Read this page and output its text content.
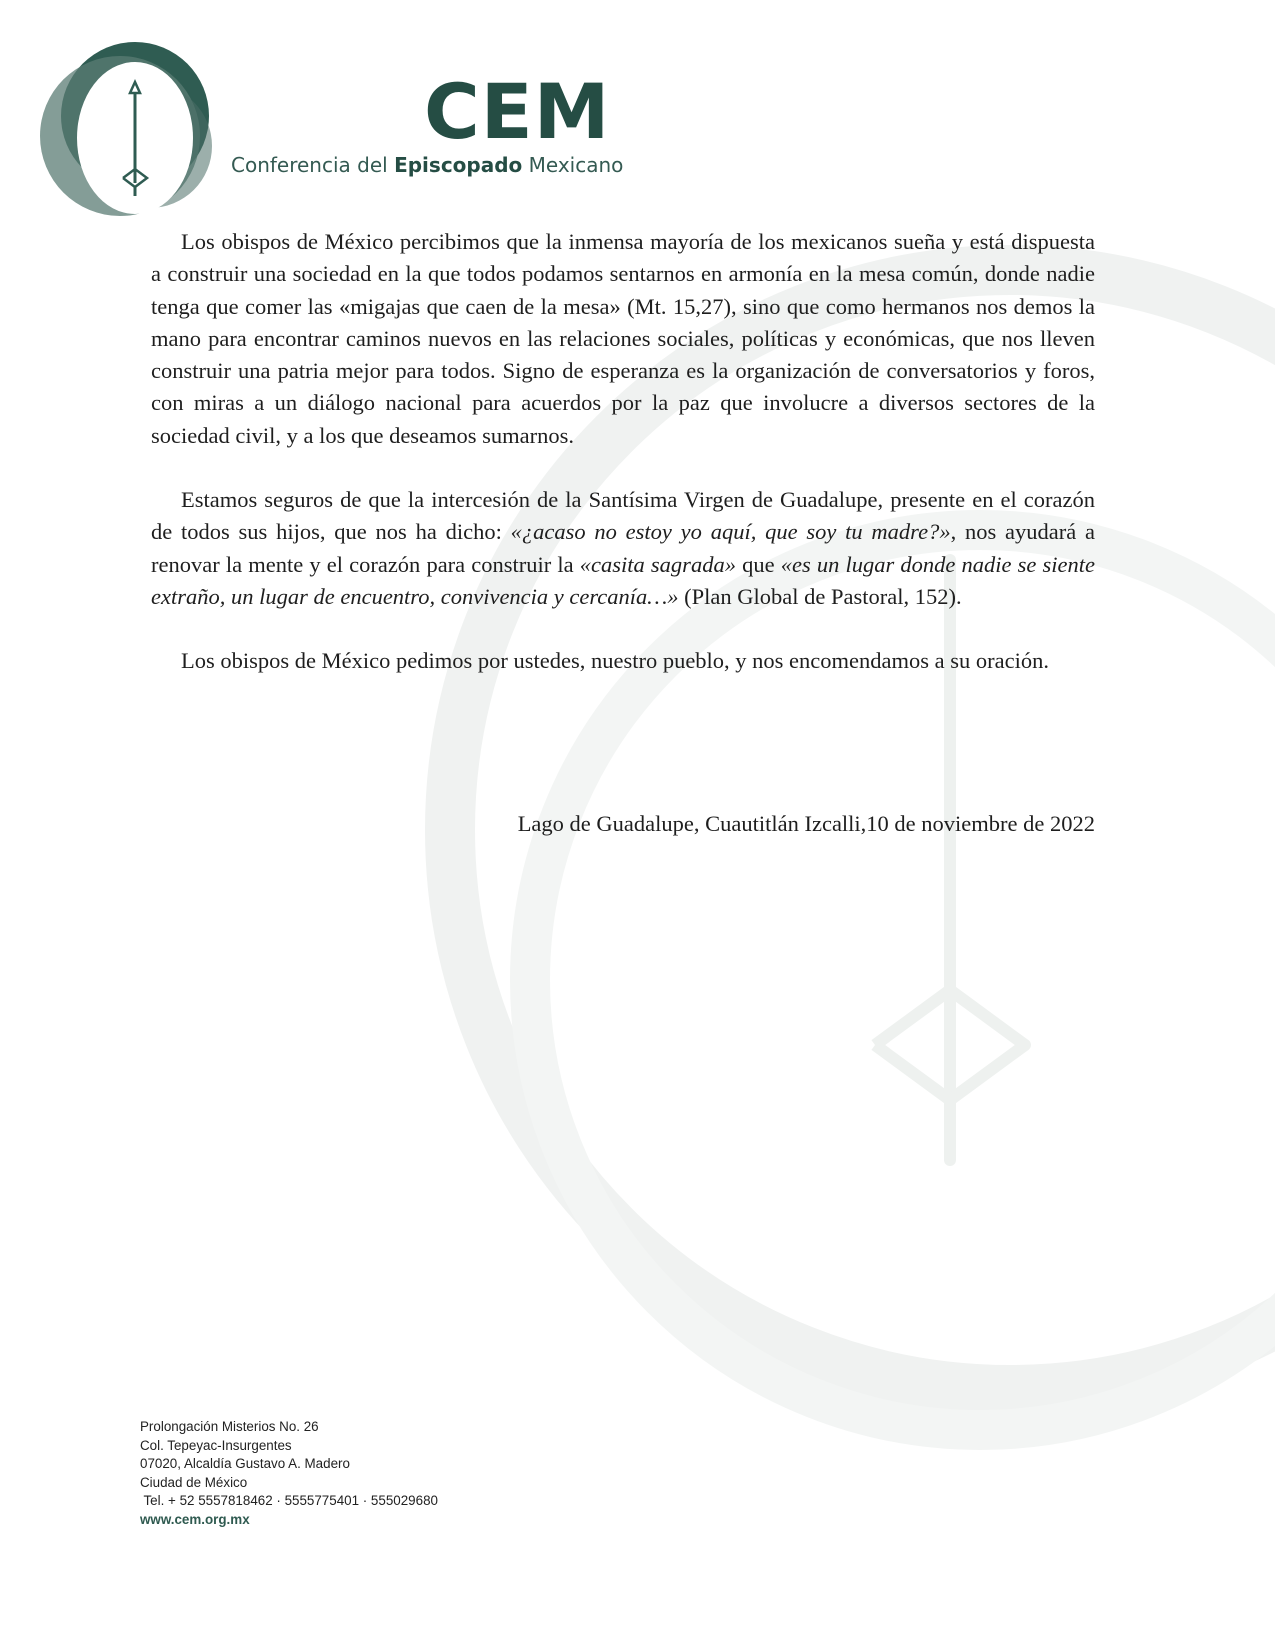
CEM
Conferencia del Episcopado Mexicano

Los obispos de México percibimos que la inmensa mayoría de los mexicanos sueña y está dispuesta a construir una sociedad en la que todos podamos sentarnos en armonía en la mesa común, donde nadie tenga que comer las «migajas que caen de la mesa» (Mt. 15,27), sino que como hermanos nos demos la mano para encontrar caminos nuevos en las relaciones sociales, políticas y económicas, que nos lleven construir una patria mejor para todos. Signo de esperanza es la organización de conversatorios y foros, con miras a un diálogo nacional para acuerdos por la paz que involucre a diversos sectores de la sociedad civil, y a los que deseamos sumarnos.

Estamos seguros de que la intercesión de la Santísima Virgen de Guadalupe, presente en el corazón de todos sus hijos, que nos ha dicho: «¿acaso no estoy yo aquí, que soy tu madre?», nos ayudará a renovar la mente y el corazón para construir la «casita sagrada» que «es un lugar donde nadie se siente extraño, un lugar de encuentro, convivencia y cercanía…» (Plan Global de Pastoral, 152).

Los obispos de México pedimos por ustedes, nuestro pueblo, y nos encomendamos a su oración.

Lago de Guadalupe, Cuautitlán Izcalli,10 de noviembre de 2022
Prolongación Misterios No. 26
Col. Tepeyac-Insurgentes
07020, Alcaldía Gustavo A. Madero
Ciudad de México
Tel. + 52 5557818462 · 5555775401 · 555029680
www.cem.org.mx
